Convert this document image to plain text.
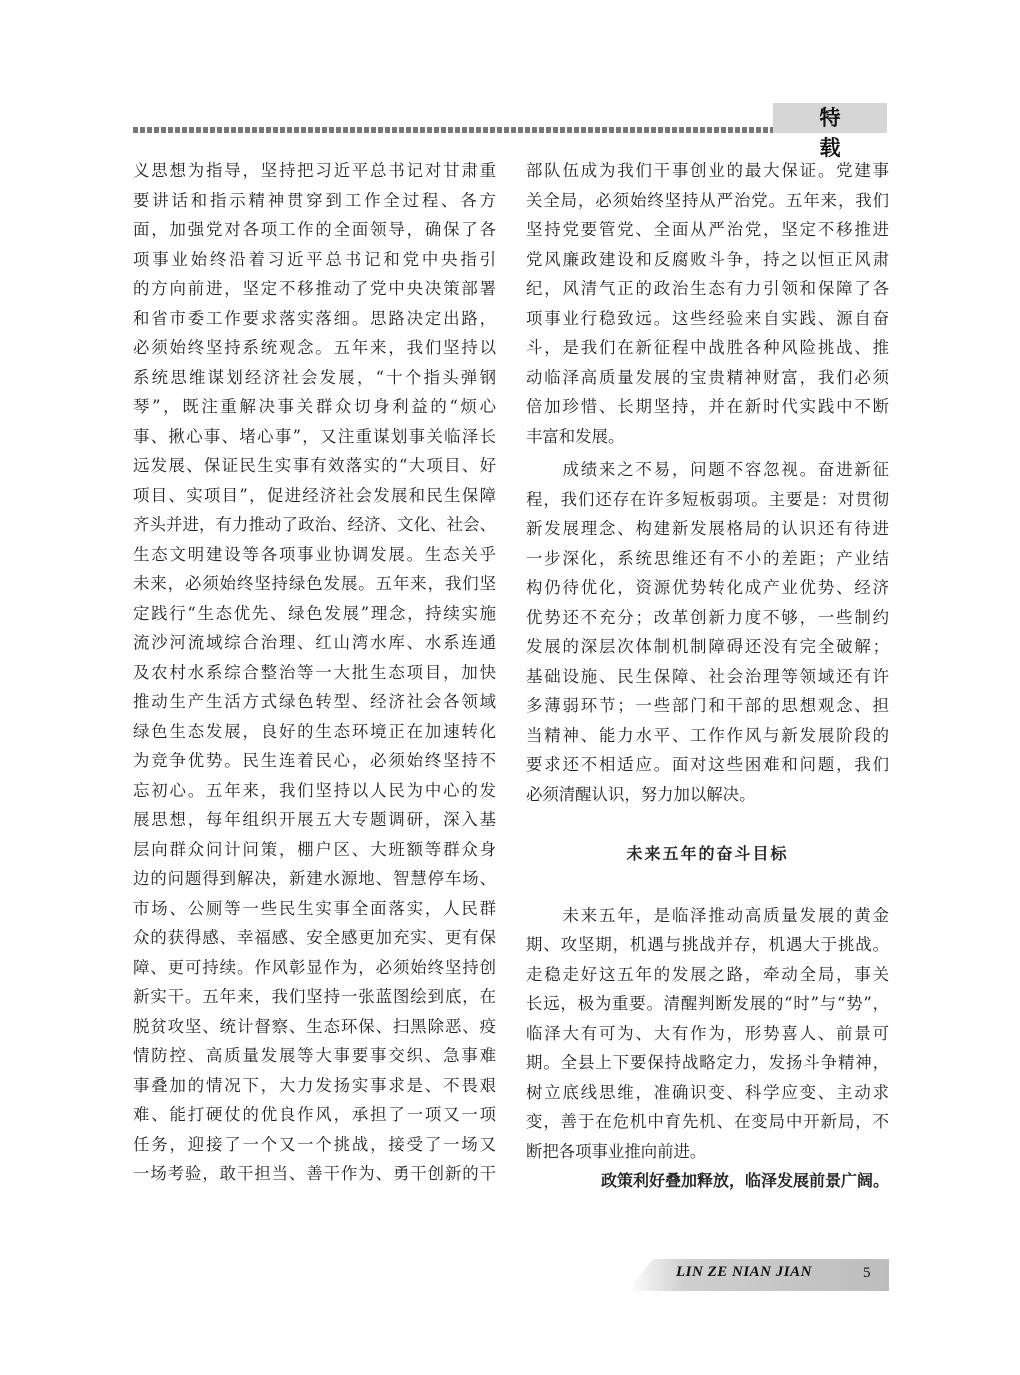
特 载
义思想为指导，坚持把习近平总书记对甘肃重
要讲话和指示精神贯穿到工作全过程、各方
面，加强党对各项工作的全面领导，确保了各
项事业始终沿着习近平总书记和党中央指引
的方向前进，坚定不移推动了党中央决策部署
和省市委工作要求落实落细。思路决定出路，
必须始终坚持系统观念。五年来，我们坚持以
系统思维谋划经济社会发展，“十个指头弹钢
琴”，既注重解决事关群众切身利益的“烦心
事、揪心事、堵心事”，又注重谋划事关临泽长
远发展、保证民生实事有效落实的“大项目、好
项目、实项目”，促进经济社会发展和民生保障
齐头并进，有力推动了政治、经济、文化、社会、
生态文明建设等各项事业协调发展。生态关乎
未来，必须始终坚持绿色发展。五年来，我们坚
定践行“生态优先、绿色发展”理念，持续实施
流沙河流域综合治理、红山湾水库、水系连通
及农村水系综合整治等一大批生态项目，加快
推动生产生活方式绿色转型、经济社会各领域
绿色生态发展，良好的生态环境正在加速转化
为竞争优势。民生连着民心，必须始终坚持不
忘初心。五年来，我们坚持以人民为中心的发
展思想，每年组织开展五大专题调研，深入基
层向群众问计问策，棚户区、大班额等群众身
边的问题得到解决，新建水源地、智慧停车场、
市场、公厕等一些民生实事全面落实，人民群
众的获得感、幸福感、安全感更加充实、更有保
障、更可持续。作风彰显作为，必须始终坚持创
新实干。五年来，我们坚持一张蓝图绘到底，在
脱贫攻坚、统计督察、生态环保、扫黑除恶、疫
情防控、高质量发展等大事要事交织、急事难
事叠加的情况下，大力发扬实事求是、不畏艰
难、能打硬仗的优良作风，承担了一项又一项
任务，迎接了一个又一个挑战，接受了一场又
一场考验，敢干担当、善干作为、勇干创新的干
部队伍成为我们干事创业的最大保证。党建事
关全局，必须始终坚持从严治党。五年来，我们
坚持党要管党、全面从严治党，坚定不移推进
党风廉政建设和反腐败斗争，持之以恒正风肃
纪，风清气正的政治生态有力引领和保障了各
项事业行稳致远。这些经验来自实践、源自奋
斗，是我们在新征程中战胜各种风险挑战、推
动临泽高质量发展的宝贵精神财富，我们必须
倍加珍惜、长期坚持，并在新时代实践中不断
丰富和发展。
　　成绩来之不易，问题不容忽视。奋进新征
程，我们还存在许多短板弱项。主要是：对贯彻
新发展理念、构建新发展格局的认识还有待进
一步深化，系统思维还有不小的差距；产业结
构仍待优化，资源优势转化成产业优势、经济
优势还不充分；改革创新力度不够，一些制约
发展的深层次体制机制障碍还没有完全破解；
基础设施、民生保障、社会治理等领域还有许
多薄弱环节；一些部门和干部的思想观念、担
当精神、能力水平、工作作风与新发展阶段的
要求还不相适应。面对这些困难和问题，我们
必须清醒认识，努力加以解决。
未来五年的奋斗目标
　　未来五年，是临泽推动高质量发展的黄金
期、攻坚期，机遇与挑战并存，机遇大于挑战。
走稳走好这五年的发展之路，牵动全局，事关
长远，极为重要。清醒判断发展的“时”与“势”，
临泽大有可为、大有作为，形势喜人、前景可
期。全县上下要保持战略定力，发扬斗争精神，
树立底线思维，准确识变、科学应变、主动求
变，善于在危机中育先机、在变局中开新局，不
断把各项事业推向前进。
政策利好叠加释放，临泽发展前景广阔。
LIN ZE NIAN JIAN	5
